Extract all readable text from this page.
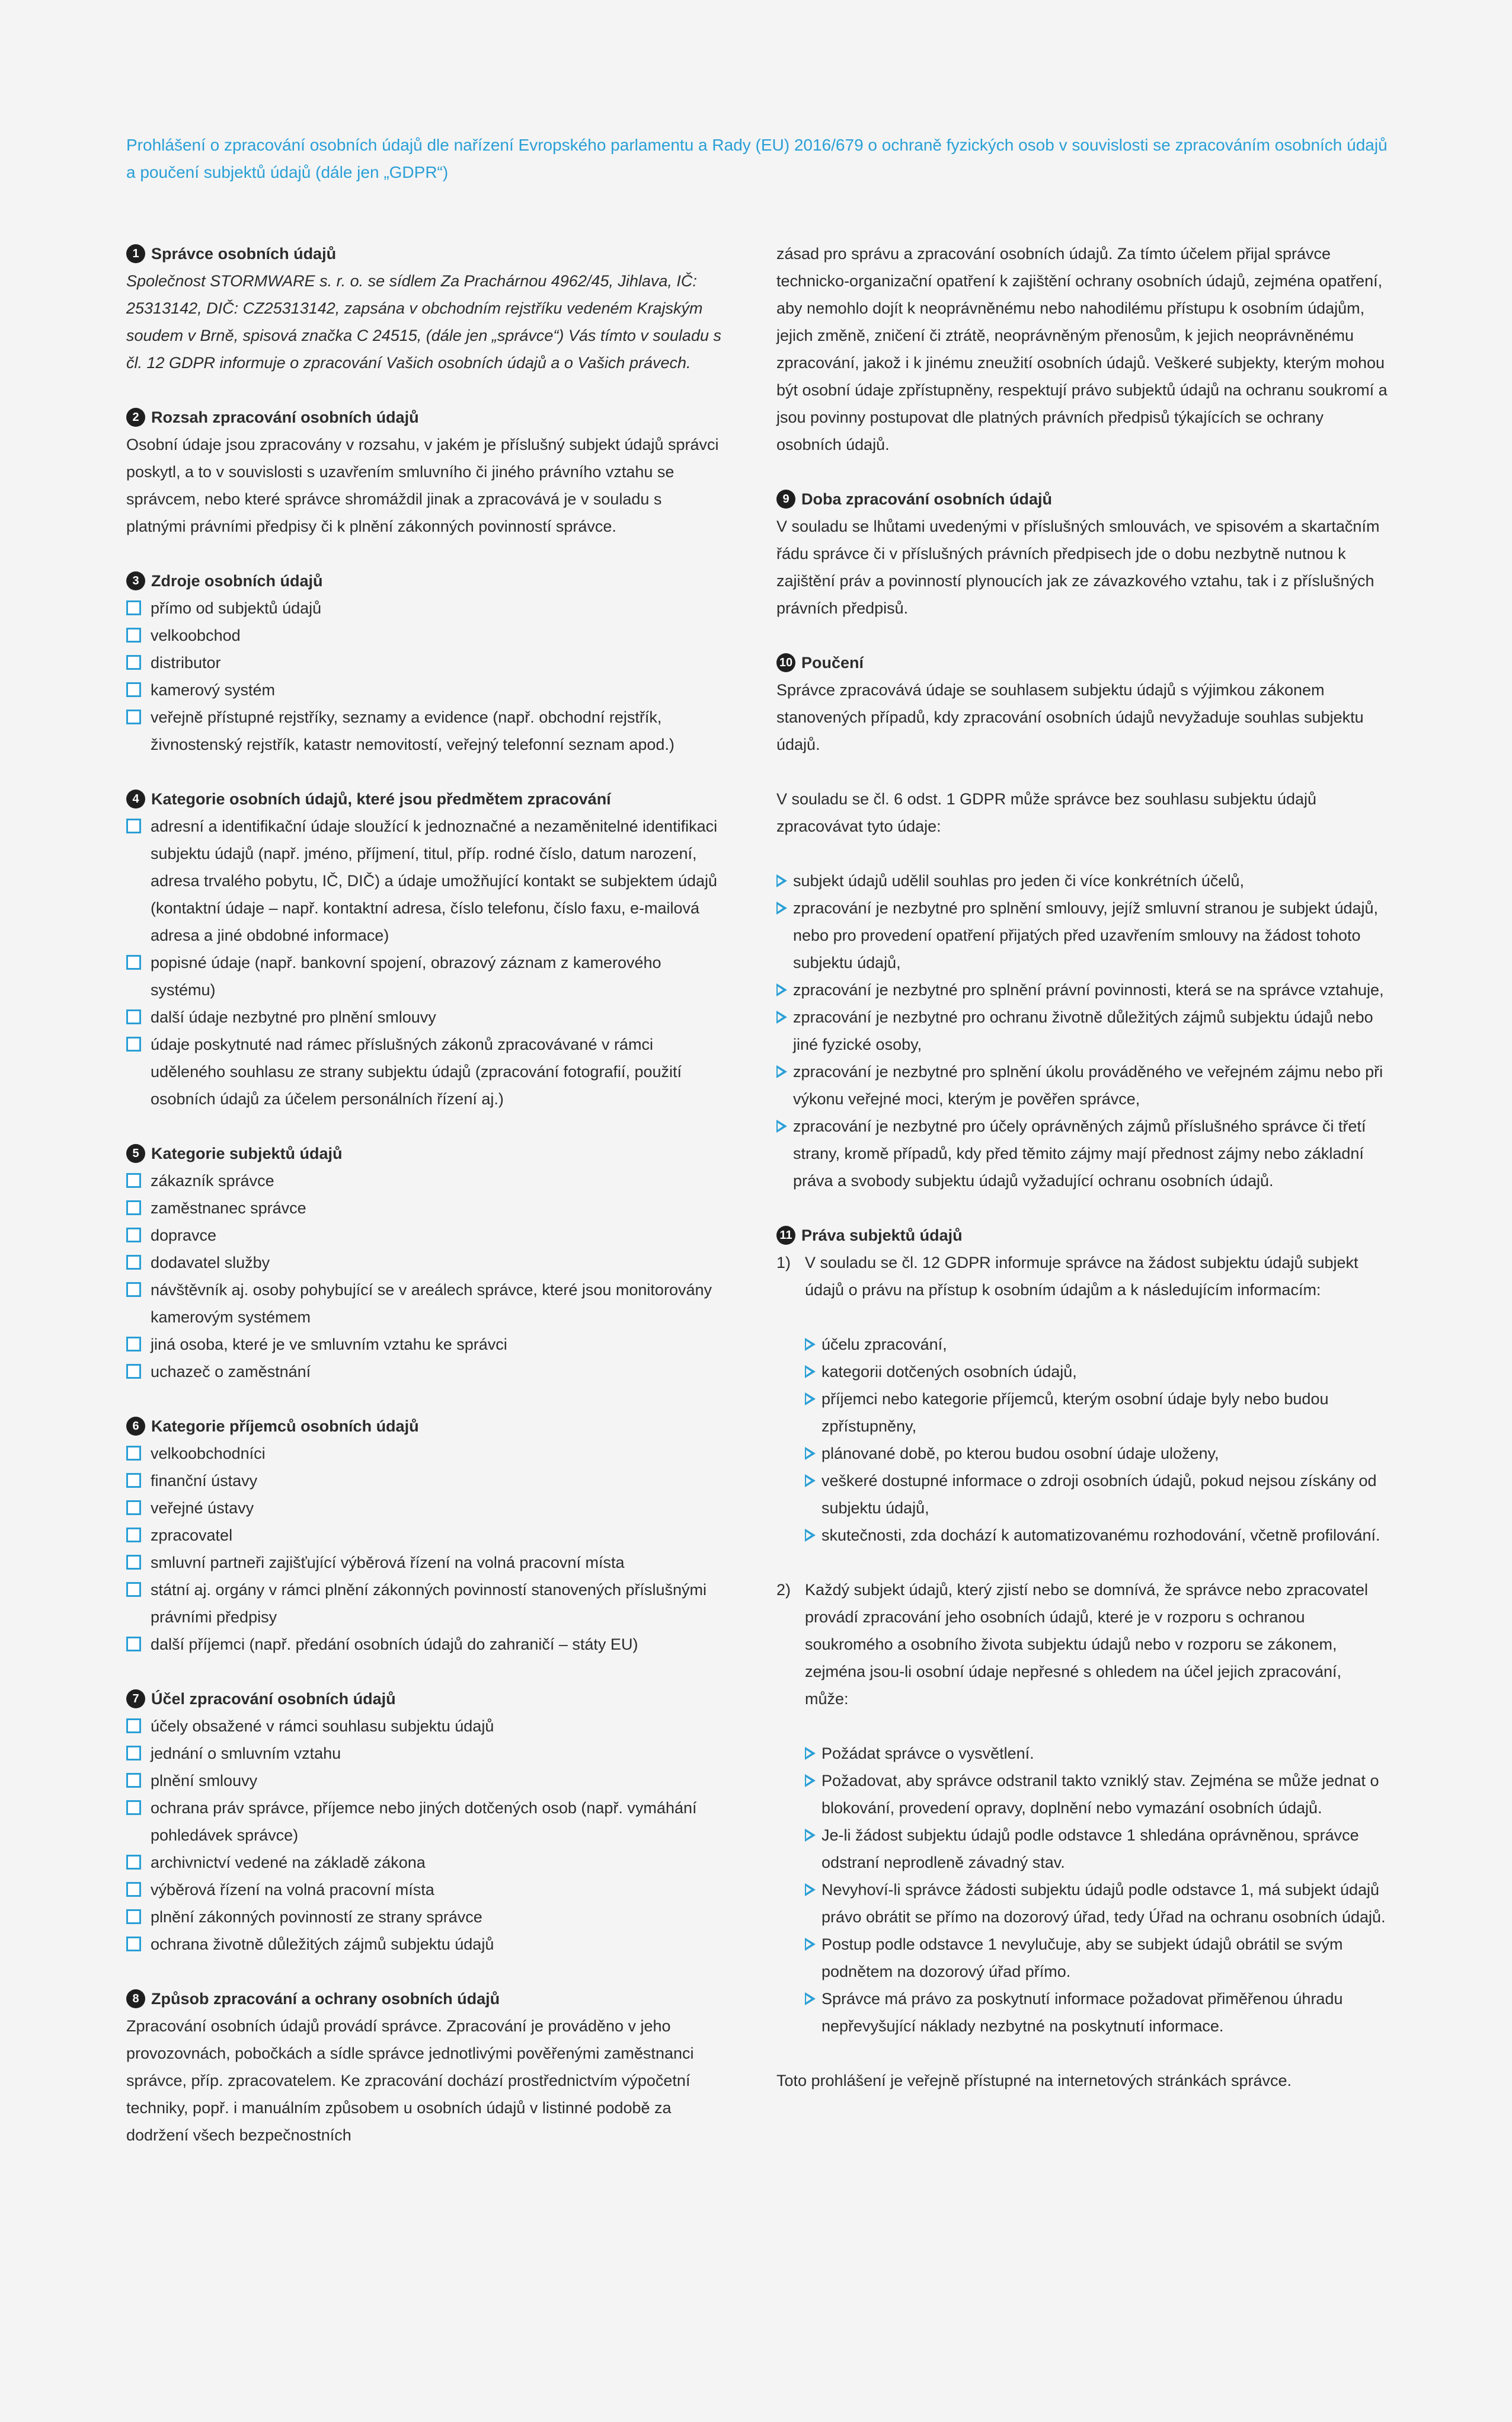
Prohlášení o zpracování osobních údajů dle nařízení Evropského parlamentu a Rady (EU) 2016/679 o ochraně fyzických osob v souvislosti se zpracováním osobních údajů a poučení subjektů údajů (dále jen „GDPR“)
1 Správce osobních údajů

Společnost STORMWARE s. r. o. se sídlem Za Prachárnou 4962/45, Jihlava, IČ: 25313142, DIČ: CZ25313142, zapsána v obchodním rejstříku vedeném Krajským soudem v Brně, spisová značka C 24515, (dále jen „správce“) Vás tímto v souladu s čl. 12 GDPR informuje o zpracování Vašich osobních údajů a o Vašich právech.

2 Rozsah zpracování osobních údajů

Osobní údaje jsou zpracovány v rozsahu, v jakém je příslušný subjekt údajů správci poskytl, a to v souvislosti s uzavřením smluvního či jiného právního vztahu se správcem, nebo které správce shromáždil jinak a zpracovává je v souladu s platnými právními předpisy či k plnění zákonných povinností správce.

3 Zdroje osobních údajů
přímo od subjektů údajů
velkoobchod
distributor
kamerový systém
veřejně přístupné rejstříky, seznamy a evidence (např. obchodní rejstřík, živnostenský rejstřík, katastr nemovitostí, veřejný telefonní seznam apod.)
4 Kategorie osobních údajů, které jsou předmětem zpracování
adresní a identifikační údaje sloužící k jednoznačné a nezaměnitelné identifikaci subjektu údajů (např. jméno, příjmení, titul, příp. rodné číslo, datum narození, adresa trvalého pobytu, IČ, DIČ) a údaje umožňující kontakt se subjektem údajů (kontaktní údaje – např. kontaktní adresa, číslo telefonu, číslo faxu, e-mailová adresa a jiné obdobné informace)
popisné údaje (např. bankovní spojení, obrazový záznam z kamerového systému)
další údaje nezbytné pro plnění smlouvy
údaje poskytnuté nad rámec příslušných zákonů zpracovávané v rámci uděleného souhlasu ze strany subjektu údajů (zpracování fotografií, použití osobních údajů za účelem personálních řízení aj.)
5 Kategorie subjektů údajů
zákazník správce
zaměstnanec správce
dopravce
dodavatel služby
návštěvník aj. osoby pohybující se v areálech správce, které jsou monitorovány kamerovým systémem
jiná osoba, které je ve smluvním vztahu ke správci
uchazeč o zaměstnání
6 Kategorie příjemců osobních údajů
velkoobchodníci
finanční ústavy
veřejné ústavy
zpracovatel
smluvní partneři zajišťující výběrová řízení na volná pracovní místa
státní aj. orgány v rámci plnění zákonných povinností stanovených příslušnými právními předpisy
další příjemci (např. předání osobních údajů do zahraničí – státy EU)
7 Účel zpracování osobních údajů
účely obsažené v rámci souhlasu subjektu údajů
jednání o smluvním vztahu
plnění smlouvy
ochrana práv správce, příjemce nebo jiných dotčených osob (např. vymáhání pohledávek správce)
archivnictví vedené na základě zákona
výběrová řízení na volná pracovní místa
plnění zákonných povinností ze strany správce
ochrana životně důležitých zájmů subjektu údajů
8 Způsob zpracování a ochrany osobních údajů

Zpracování osobních údajů provádí správce. Zpracování je prováděno v jeho provozovnách, pobočkách a sídle správce jednotlivými pověřenými zaměstnanci správce, příp. zpracovatelem. Ke zpracování dochází prostřednictvím výpočetní techniky, popř. i manuálním způsobem u osobních údajů v listinné podobě za dodržení všech bezpečnostních

zásad pro správu a zpracování osobních údajů. Za tímto účelem přijal správce technicko-organizační opatření k zajištění ochrany osobních údajů, zejména opatření, aby nemohlo dojít k neoprávněnému nebo nahodilému přístupu k osobním údajům, jejich změně, zničení či ztrátě, neoprávněným přenosům, k jejich neoprávněnému zpracování, jakož i k jinému zneužití osobních údajů. Veškeré subjekty, kterým mohou být osobní údaje zpřístupněny, respektují právo subjektů údajů na ochranu soukromí a jsou povinny postupovat dle platných právních předpisů týkajících se ochrany osobních údajů.

9 Doba zpracování osobních údajů

V souladu se lhůtami uvedenými v příslušných smlouvách, ve spisovém a skartačním řádu správce či v příslušných právních předpisech jde o dobu nezbytně nutnou k zajištění práv a povinností plynoucích jak ze závazkového vztahu, tak i z příslušných právních předpisů.

10 Poučení

Správce zpracovává údaje se souhlasem subjektu údajů s výjimkou zákonem stanovených případů, kdy zpracování osobních údajů nevyžaduje souhlas subjektu údajů.

V souladu se čl. 6 odst. 1 GDPR může správce bez souhlasu subjektu údajů zpracovávat tyto údaje:

subjekt údajů udělil souhlas pro jeden či více konkrétních účelů,
zpracování je nezbytné pro splnění smlouvy, jejíž smluvní stranou je subjekt údajů, nebo pro provedení opatření přijatých před uzavřením smlouvy na žádost tohoto subjektu údajů,
zpracování je nezbytné pro splnění právní povinnosti, která se na správce vztahuje,
zpracování je nezbytné pro ochranu životně důležitých zájmů subjektu údajů nebo jiné fyzické osoby,
zpracování je nezbytné pro splnění úkolu prováděného ve veřejném zájmu nebo při výkonu veřejné moci, kterým je pověřen správce,
zpracování je nezbytné pro účely oprávněných zájmů příslušného správce či třetí strany, kromě případů, kdy před těmito zájmy mají přednost zájmy nebo základní práva a svobody subjektu údajů vyžadující ochranu osobních údajů.
11 Práva subjektů údajů
1) V souladu se čl. 12 GDPR informuje správce na žádost subjektu údajů subjekt údajů o právu na přístup k osobním údajům a k následujícím informacím:

účelu zpracování,
kategorii dotčených osobních údajů,
příjemci nebo kategorie příjemců, kterým osobní údaje byly nebo budou zpřístupněny,
plánované době, po kterou budou osobní údaje uloženy,
veškeré dostupné informace o zdroji osobních údajů, pokud nejsou získány od subjektu údajů,
skutečnosti, zda dochází k automatizovanému rozhodování, včetně profilování.
2) Každý subjekt údajů, který zjistí nebo se domnívá, že správce nebo zpracovatel provádí zpracování jeho osobních údajů, které je v rozporu s ochranou soukromého a osobního života subjektu údajů nebo v rozporu se zákonem, zejména jsou-li osobní údaje nepřesné s ohledem na účel jejich zpracování, může:

Požádat správce o vysvětlení.
Požadovat, aby správce odstranil takto vzniklý stav. Zejména se může jednat o blokování, provedení opravy, doplnění nebo vymazání osobních údajů.
Je-li žádost subjektu údajů podle odstavce 1 shledána oprávněnou, správce odstraní neprodleně závadný stav.
Nevyhoví-li správce žádosti subjektu údajů podle odstavce 1, má subjekt údajů právo obrátit se přímo na dozorový úřad, tedy Úřad na ochranu osobních údajů.
Postup podle odstavce 1 nevylučuje, aby se subjekt údajů obrátil se svým podnětem na dozorový úřad přímo.
Správce má právo za poskytnutí informace požadovat přiměřenou úhradu nepřevyšující náklady nezbytné na poskytnutí informace.

Toto prohlášení je veřejně přístupné na internetových stránkách správce.
